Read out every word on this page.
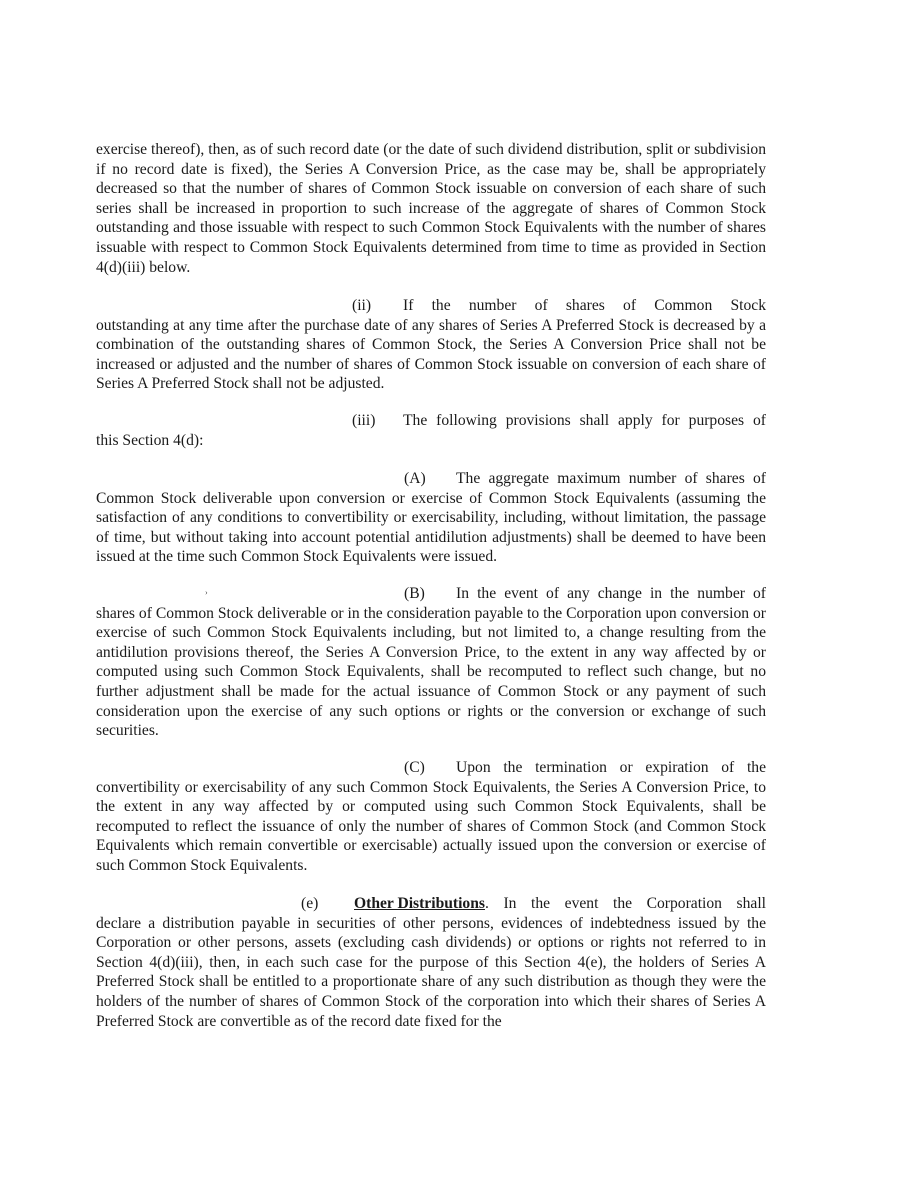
exercise thereof), then, as of such record date (or the date of such dividend distribution, split or subdivision if no record date is fixed), the Series A Conversion Price, as the case may be, shall be appropriately decreased so that the number of shares of Common Stock issuable on conversion of each share of such series shall be increased in proportion to such increase of the aggregate of shares of Common Stock outstanding and those issuable with respect to such Common Stock Equivalents with the number of shares issuable with respect to Common Stock Equivalents determined from time to time as provided in Section 4(d)(iii) below.

(ii)	If the number of shares of Common Stock

outstanding at any time after the purchase date of any shares of Series A Preferred Stock is decreased by a combination of the outstanding shares of Common Stock, the Series A Conversion Price shall not be increased or adjusted and the number of shares of Common Stock issuable on conversion of each share of Series A Preferred Stock shall not be adjusted.

(iii)	The following provisions shall apply for purposes of

this Section 4(d):

(A)	The aggregate maximum number of shares of

Common Stock deliverable upon conversion or exercise of Common Stock Equivalents (assuming the satisfaction of any conditions to convertibility or exercisability, including, without limitation, the passage of time, but without taking into account potential antidilution adjustments) shall be deemed to have been issued at the time such Common Stock Equivalents were issued.

›	(B)	In the event of any change in the number of

shares of Common Stock deliverable or in the consideration payable to the Corporation upon conversion or exercise of such Common Stock Equivalents including, but not limited to, a change resulting from the antidilution provisions thereof, the Series A Conversion Price, to the extent in any way affected by or computed using such Common Stock Equivalents, shall be recomputed to reflect such change, but no further adjustment shall be made for the actual issuance of Common Stock or any payment of such consideration upon the exercise of any such options or rights or the conversion or exchange of such securities.

(C)	Upon the termination or expiration of the

convertibility or exercisability of any such Common Stock Equivalents, the Series A Conversion Price, to the extent in any way affected by or computed using such Common Stock Equivalents, shall be recomputed to reflect the issuance of only the number of shares of Common Stock (and Common Stock Equivalents which remain convertible or exercisable) actually issued upon the conversion or exercise of such Common Stock Equivalents.

(e)	Other Distributions . In the event the Corporation shall

declare a distribution payable in securities of other persons, evidences of indebtedness issued by the Corporation or other persons, assets (excluding cash dividends) or options or rights not referred to in Section 4(d)(iii), then, in each such case for the purpose of this Section 4(e), the holders of Series A Preferred Stock shall be entitled to a proportionate share of any such distribution as though they were the holders of the number of shares of Common Stock of the corporation into which their shares of Series A Preferred Stock are convertible as of the record date fixed for the
